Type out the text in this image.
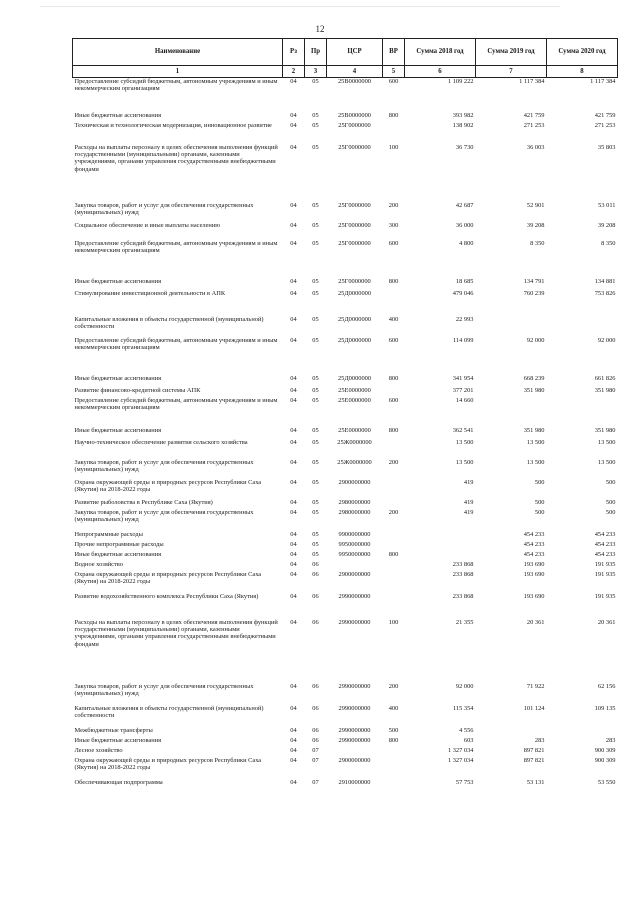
12
Наименование	Рз	Пр	ЦСР	ВР	Сумма 2018 год	Сумма 2019 год	Сумма 2020 год
1	2	3	4	5	6	7	8
Предоставление субсидий бюджетным, автономным учреждениям и иным некоммерческим организациям	04	05	25В0000000	600	1 109 222	1 117 384	1 117 384
Иные бюджетные ассигнования	04	05	25В0000000	800	393 982	421 759	421 759
Техническая и технологическая модернизация, инновационное развитие	04	05	25Г0000000		138 902	271 253	271 253
Расходы на выплаты персоналу в целях обеспечения выполнения функций государственными (муниципальными) органами, казенными учреждениями, органами управления государственными внебюджетными фондами	04	05	25Г0000000	100	36 730	36 003	35 803
Закупка товаров, работ и услуг для обеспечения государственных (муниципальных) нужд	04	05	25Г0000000	200	42 687	52 901	53 011
Социальное обеспечение и иные выплаты населению	04	05	25Г0000000	300	36 000	39 208	39 208
Предоставление субсидий бюджетным, автономным учреждениям и иным некоммерческим организациям	04	05	25Г0000000	600	4 800	8 350	8 350
Иные бюджетные ассигнования	04	05	25Г0000000	800	18 685	134 791	134 881
Стимулирование инвестиционной деятельности в АПК	04	05	25Д0000000		479 046	760 239	753 826
Капитальные вложения в объекты государственной (муниципальной) собственности	04	05	25Д0000000	400	22 993		
Предоставление субсидий бюджетным, автономным учреждениям и иным некоммерческим организациям	04	05	25Д0000000	600	114 099	92 000	92 000
Иные бюджетные ассигнования	04	05	25Д0000000	800	341 954	668 239	661 826
Развитие финансово-кредитной системы АПК	04	05	25Е0000000		377 201	351 980	351 980
Предоставление субсидий бюджетным, автономным учреждениям и иным некоммерческим организациям	04	05	25Е0000000	600	14 660		
Иные бюджетные ассигнования	04	05	25Е0000000	800	362 541	351 980	351 980
Научно-техническое обеспечение развития сельского хозяйства	04	05	25Ж0000000		13 500	13 500	13 500
Закупка товаров, работ и услуг для обеспечения государственных (муниципальных) нужд	04	05	25Ж0000000	200	13 500	13 500	13 500
Охрана окружающей среды и природных ресурсов Республики Саха (Якутия) на 2018-2022 годы	04	05	2900000000		419	500	500
Развитие рыболовства в Республике Саха (Якутия)	04	05	2980000000		419	500	500
Закупка товаров, работ и услуг для обеспечения государственных (муниципальных) нужд	04	05	2980000000	200	419	500	500
Непрограммные расходы	04	05	9900000000			454 233	454 233
Прочие непрограммные расходы	04	05	9950000000			454 233	454 233
Иные бюджетные ассигнования	04	05	9950000000	800		454 233	454 233
Водное хозяйство	04	06			233 868	193 690	191 935
Охрана окружающей среды и природных ресурсов Республики Саха (Якутия) на 2018-2022 годы	04	06	2900000000		233 868	193 690	191 935
Развитие водохозяйственного комплекса Республики Саха (Якутия)	04	06	2990000000		233 868	193 690	191 935
Расходы на выплаты персоналу в целях обеспечения выполнения функций государственными (муниципальными) органами, казенными учреждениями, органами управления государственными внебюджетными фондами	04	06	2990000000	100	21 355	20 361	20 361
Закупка товаров, работ и услуг для обеспечения государственных (муниципальных) нужд	04	06	2990000000	200	92 000	71 922	62 156
Капитальные вложения в объекты государственной (муниципальной) собственности	04	06	2990000000	400	115 354	101 124	109 135
Межбюджетные трансферты	04	06	2990000000	500	4 556		
Иные бюджетные ассигнования	04	06	2990000000	800	603	283	283
Лесное хозяйство	04	07			1 327 034	897 821	900 309
Охрана окружающей среды и природных ресурсов Республики Саха (Якутия) на 2018-2022 годы	04	07	2900000000		1 327 034	897 821	900 309
Обеспечивающая подпрограмма	04	07	2910000000		57 753	53 131	53 550
